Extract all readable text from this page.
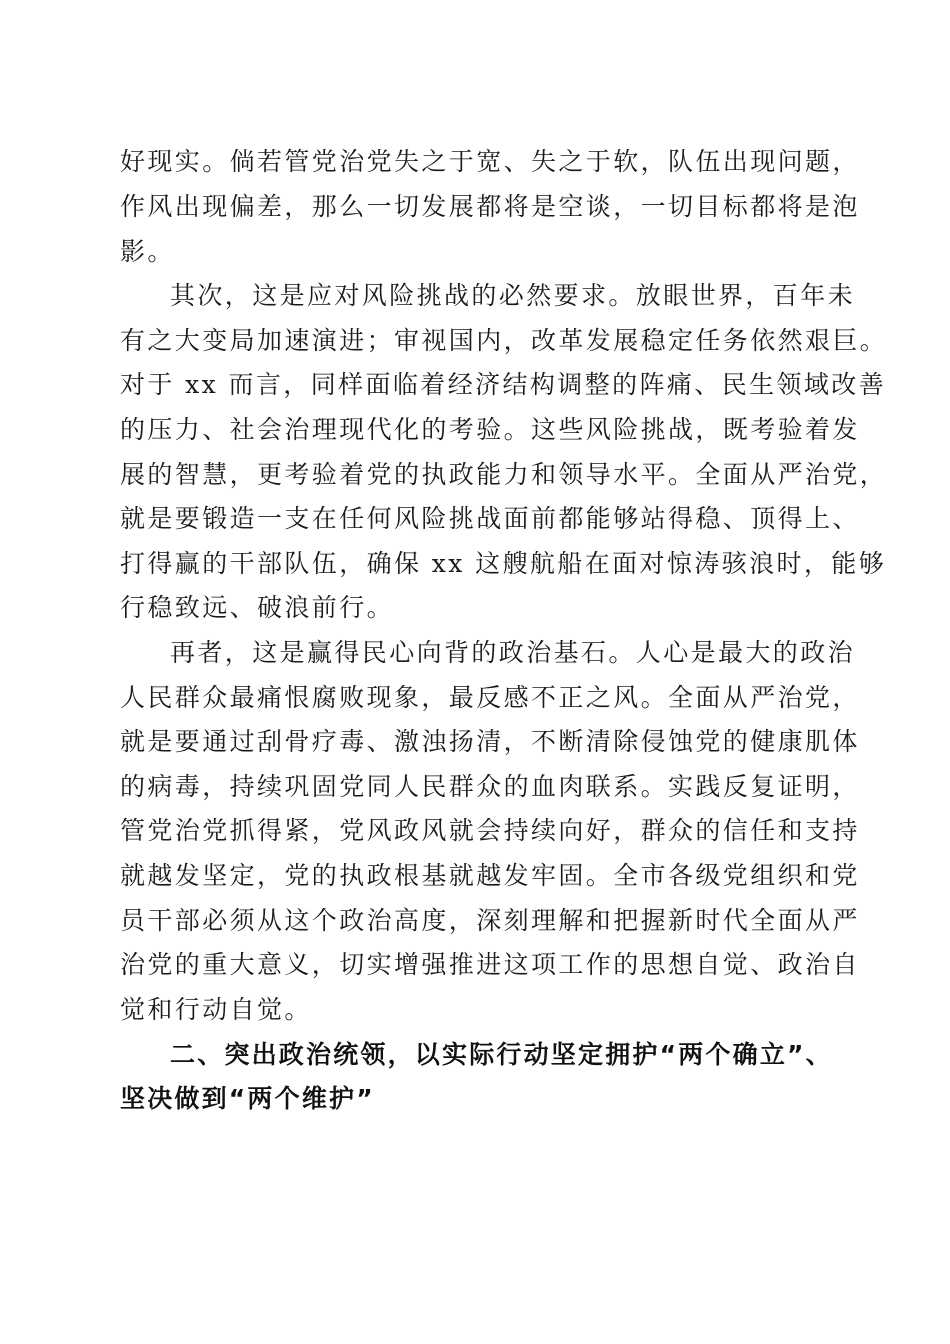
好现实。倘若管党治党失之于宽、失之于软，队伍出现问题，
作风出现偏差，那么一切发展都将是空谈，一切目标都将是泡
影。
其次，这是应对风险挑战的必然要求。放眼世界，百年未
有之大变局加速演进；审视国内，改革发展稳定任务依然艰巨。
对于 xx 而言，同样面临着经济结构调整的阵痛、民生领域改善
的压力、社会治理现代化的考验。这些风险挑战，既考验着发
展的智慧，更考验着党的执政能力和领导水平。全面从严治党，
就是要锻造一支在任何风险挑战面前都能够站得稳、顶得上、
打得赢的干部队伍，确保 xx 这艘航船在面对惊涛骇浪时，能够
行稳致远、破浪前行。
再者，这是赢得民心向背的政治基石。人心是最大的政治
人民群众最痛恨腐败现象，最反感不正之风。全面从严治党，
就是要通过刮骨疗毒、激浊扬清，不断清除侵蚀党的健康肌体
的病毒，持续巩固党同人民群众的血肉联系。实践反复证明，
管党治党抓得紧，党风政风就会持续向好，群众的信任和支持
就越发坚定，党的执政根基就越发牢固。全市各级党组织和党
员干部必须从这个政治高度，深刻理解和把握新时代全面从严
治党的重大意义，切实增强推进这项工作的思想自觉、政治自
觉和行动自觉。
二、突出政治统领，以实际行动坚定拥护“两个确立”、
坚决做到“两个维护”
